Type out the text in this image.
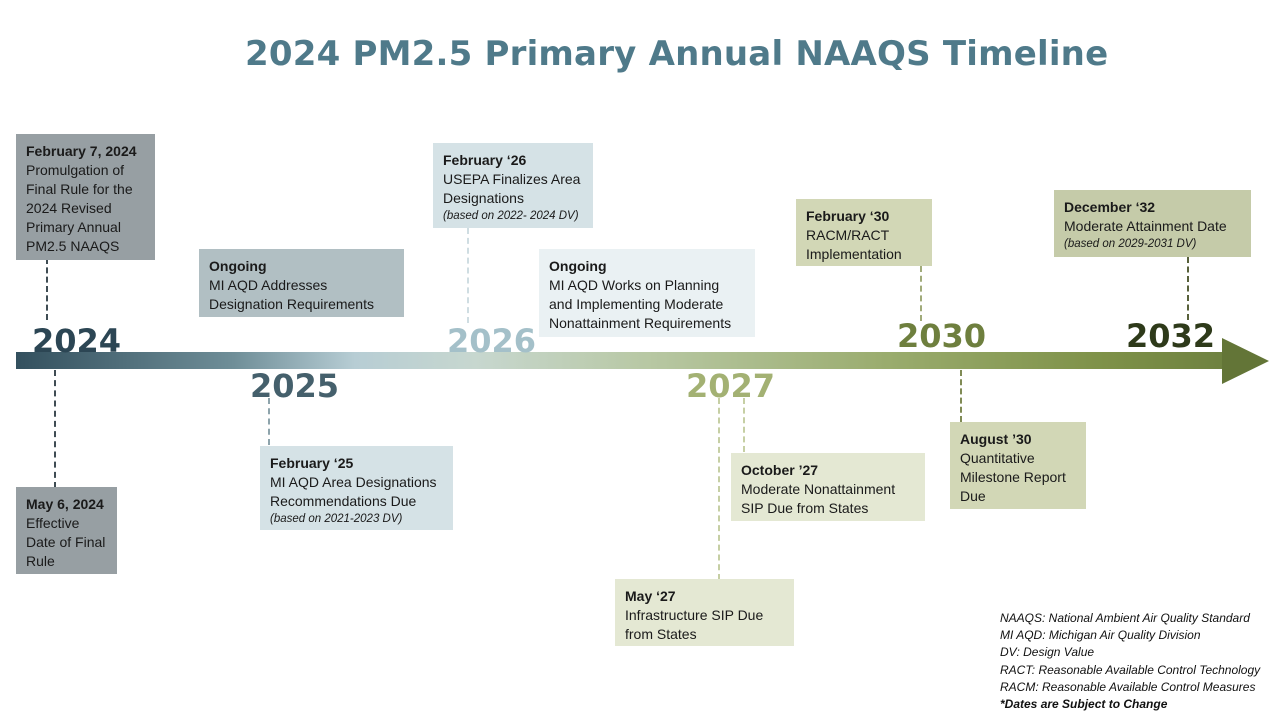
2024 PM2.5 Primary Annual NAAQS Timeline
2024
2025
2026
2027
2030	2032
February 7, 2024
Promulgation of
Final Rule for the
2024 Revised
Primary Annual
PM2.5 NAAQS
May 6, 2024
Effective
Date of Final
Rule
Ongoing
MI AQD Addresses
Designation Requirements
February ‘25
MI AQD Area Designations
Recommendations Due
(based on 2021-2023 DV)
February ‘26
USEPA Finalizes Area
Designations
(based on 2022- 2024 DV)
Ongoing
MI AQD Works on Planning
and Implementing Moderate
Nonattainment Requirements
May ‘27
Infrastructure SIP Due
from States
October ’27
Moderate Nonattainment
SIP Due from States
February ‘30
RACM/RACT
Implementation
August ’30
Quantitative
Milestone Report
Due
December ‘32
Moderate Attainment Date
(based on 2029-2031 DV)
NAAQS: National Ambient Air Quality Standard
MI AQD: Michigan Air Quality Division
DV: Design Value
RACT: Reasonable Available Control Technology
RACM: Reasonable Available Control Measures
*Dates are Subject to Change
